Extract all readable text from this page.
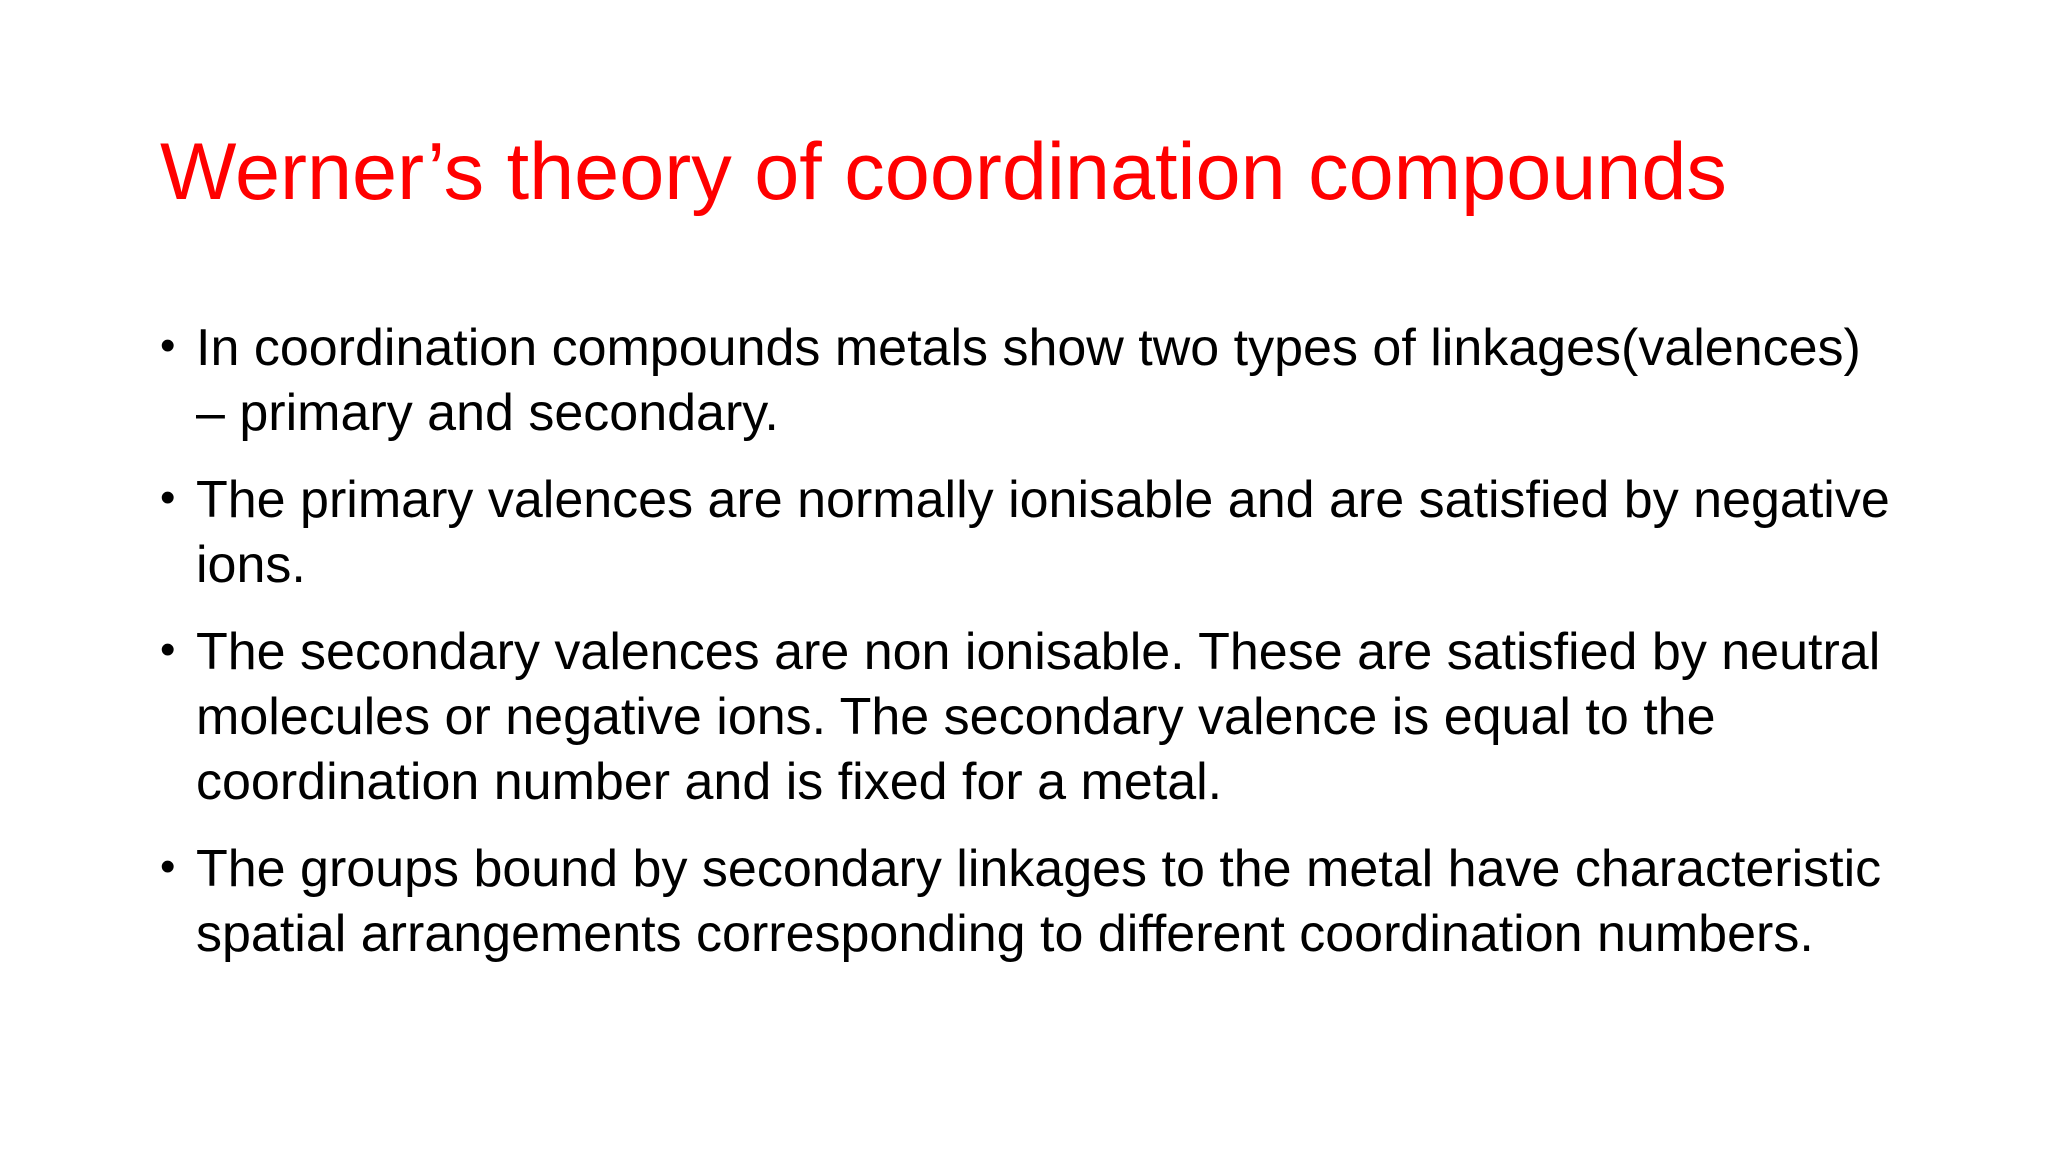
Werner’s theory of coordination compounds
• In coordination compounds metals show two types of linkages(valences) – primary and secondary.
• The primary valences are normally ionisable and are satisfied by negative ions.
• The secondary valences are non ionisable. These are satisfied by neutral molecules or negative ions. The secondary valence is equal to the coordination number and is fixed for a metal.
• The groups bound by secondary linkages to the metal have characteristic spatial arrangements corresponding to different coordination numbers.
